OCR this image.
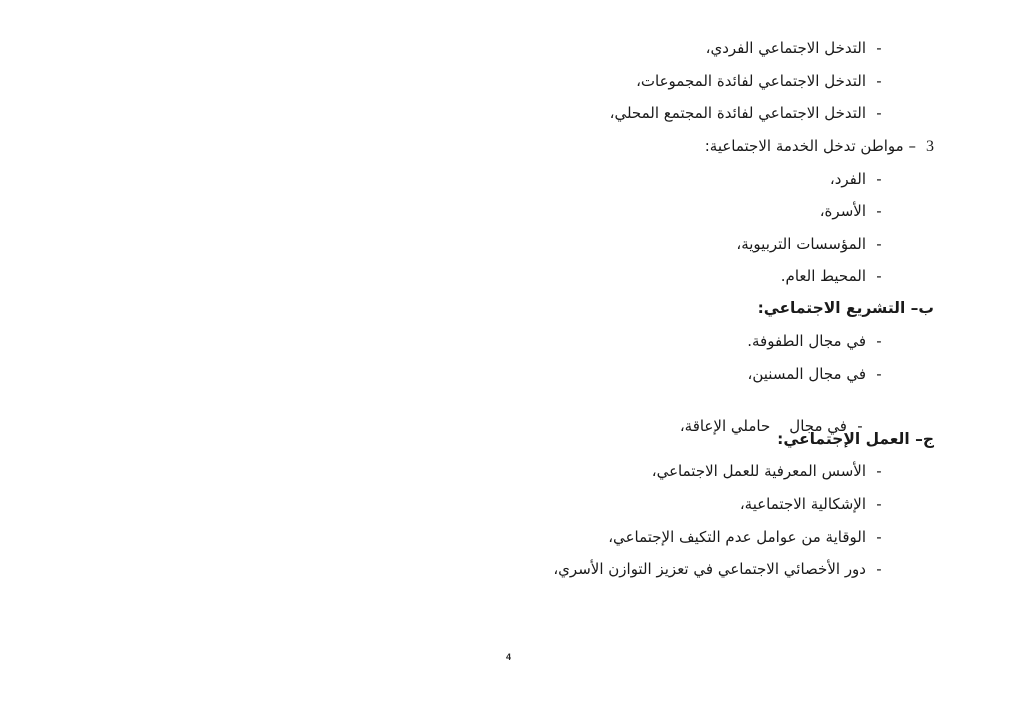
-التدخل الاجتماعي الفردي،
-التدخل الاجتماعي لفائدة المجموعات،
-التدخل الاجتماعي لفائدة المجتمع المحلي،
3– مواطن تدخل الخدمة الاجتماعية:
-الفرد،
-الأسرة،
-المؤسسات التربيوية،
-المحيط العام.
ب– التشريع الاجتماعي:
-في مجال الطفوفة.
-في مجال المسنين،

-في مجال    حاملي الإعاقة،

ج– العمل الإجتماعي:
-الأسس المعرفية للعمل الاجتماعي،
-الإشكالية الاجتماعية،
-الوقاية من عوامل عدم التكيف الإجتماعي،
-دور الأخصائي الاجتماعي في تعزيز التوازن الأسري،
4
